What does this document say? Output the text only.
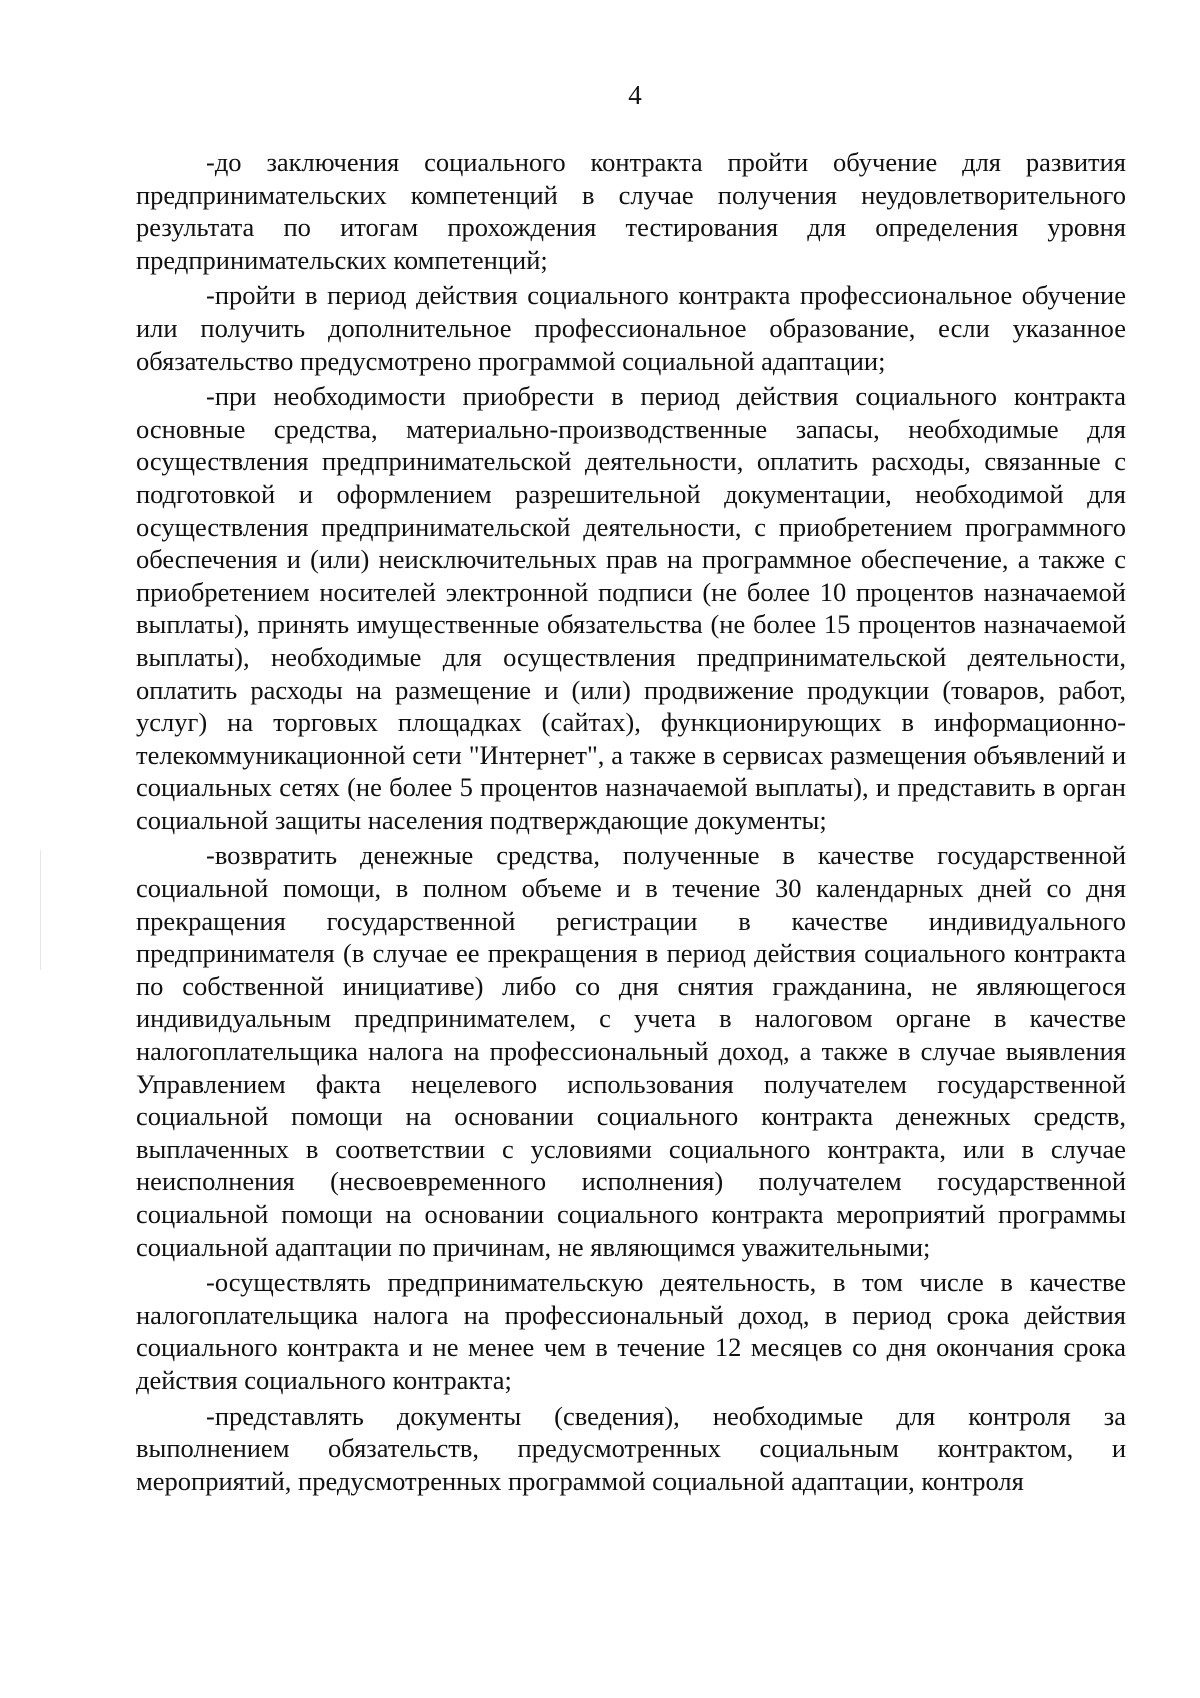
4

-до заключения социального контракта пройти обучение для развития предпринимательских компетенций в случае получения неудовлетворительного результата по итогам прохождения тестирования для определения уровня предпринимательских компетенций;

-пройти в период действия социального контракта профессиональное обучение или получить дополнительное профессиональное образование, если указанное обязательство предусмотрено программой социальной адаптации;

-при необходимости приобрести в период действия социального контракта основные средства, материально-производственные запасы, необходимые для осуществления предпринимательской деятельности, оплатить расходы, связанные с подготовкой и оформлением разрешительной документации, необходимой для осуществления предпринимательской деятельности, с приобретением программного обеспечения и (или) неисключительных прав на программное обеспечение, а также с приобретением носителей электронной подписи (не более 10 процентов назначаемой выплаты), принять имущественные обязательства (не более 15 процентов назначаемой выплаты), необходимые для осуществления предпринимательской деятельности, оплатить расходы на размещение и (или) продвижение продукции (товаров, работ, услуг) на торговых площадках (сайтах), функционирующих в информационно-телекоммуникационной сети "Интернет", а также в сервисах размещения объявлений и социальных сетях (не более 5 процентов назначаемой выплаты), и представить в орган социальной защиты населения подтверждающие документы;

-возвратить денежные средства, полученные в качестве государственной социальной помощи, в полном объеме и в течение 30 календарных дней со дня прекращения государственной регистрации в качестве индивидуального предпринимателя (в случае ее прекращения в период действия социального контракта по собственной инициативе) либо со дня снятия гражданина, не являющегося индивидуальным предпринимателем, с учета в налоговом органе в качестве налогоплательщика налога на профессиональный доход, а также в случае выявления Управлением факта нецелевого использования получателем государственной социальной помощи на основании социального контракта денежных средств, выплаченных в соответствии с условиями социального контракта, или в случае неисполнения (несвоевременного исполнения) получателем государственной социальной помощи на основании социального контракта мероприятий программы социальной адаптации по причинам, не являющимся уважительными;

-осуществлять предпринимательскую деятельность, в том числе в качестве налогоплательщика налога на профессиональный доход, в период срока действия социального контракта и не менее чем в течение 12 месяцев со дня окончания срока действия социального контракта;

-представлять документы (сведения), необходимые для контроля за выполнением обязательств, предусмотренных социальным контрактом, и мероприятий, предусмотренных программой социальной адаптации, контроля
